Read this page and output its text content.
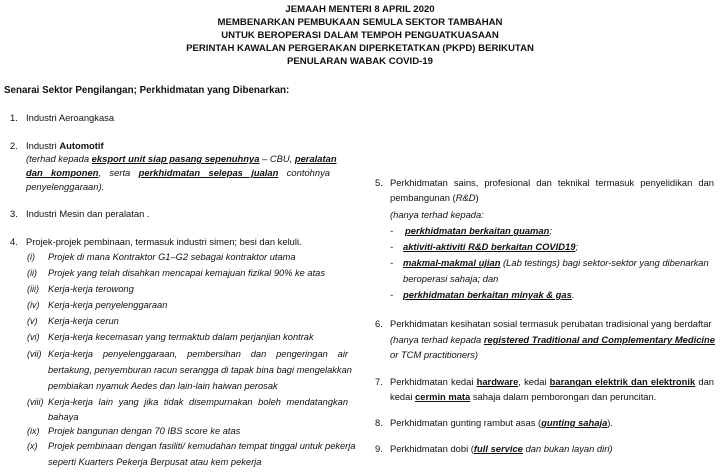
JEMAAH MENTERI 8 APRIL 2020
MEMBENARKAN PEMBUKAAN SEMULA SEKTOR TAMBAHAN
UNTUK BEROPERASI DALAM TEMPOH PENGUATKUASAAN
PERINTAH KAWALAN PERGERAKAN DIPERKETATKAN (PKPD) BERIKUTAN
PENULARAN WABAK COVID-19
Senarai Sektor Pengilangan; Perkhidmatan yang Dibenarkan:
1. Industri Aeroangkasa
2. Industri Automotif
(terhad kepada eksport unit siap pasang sepenuhnya – CBU, peralatan
dan komponen, serta perkhidmatan selepas jualan contohnya
penyelenggaraan).
3. Industri Mesin dan peralatan .
4. Projek-projek pembinaan, termasuk industri simen; besi dan keluli.
(i) Projek di mana Kontraktor G1–G2 sebagai kontraktor utama
(ii) Projek yang telah disahkan mencapai kemajuan fizikal 90% ke atas
(iii) Kerja-kerja terowong
(iv) Kerja-kerja penyelenggaraan
(v) Kerja-kerja cerun
(vi) Kerja-kerja kecemasan yang termaktub dalam perjanjian kontrak
(vii) Kerja-kerja penyelenggaraan, pembersihan dan pengeringan air
bertakung, penyemburan racun serangga di tapak bina bagi mengelakkan
pembiakan nyamuk Aedes dan lain-lain haiwan perosak
(viii) Kerja-kerja lain yang jika tidak disempurnakan boleh mendatangkan
bahaya
(ix) Projek bangunan dengan 70 IBS score ke atas
(x) Projek pembinaan dengan fasiliti/ kemudahan tempat tinggal untuk pekerja
seperti Kuarters Pekerja Berpusat atau kem pekerja
5. Perkhidmatan sains, profesional dan teknikal termasuk penyelidikan dan
pembangunan (R&D)
(hanya terhad kepada:
- perkhidmatan berkaitan guaman;
- aktiviti-aktiviti R&D berkaitan COVID19;
- makmal-makmal ujian (Lab testings) bagi sektor-sektor yang dibenarkan
beroperasi sahaja; dan
- perkhidmatan berkaitan minyak & gas.
6. Perkhidmatan kesihatan sosial termasuk perubatan tradisional yang berdaftar
(hanya terhad kepada registered Traditional and Complementary Medicine
or TCM practitioners)
7. Perkhidmatan kedai hardware, kedai barangan elektrik dan elektronik dan
kedai cermin mata sahaja dalam pemborongan dan peruncitan.
8. Perkhidmatan gunting rambut asas (gunting sahaja).
9. Perkhidmatan dobi (full service dan bukan layan diri)
